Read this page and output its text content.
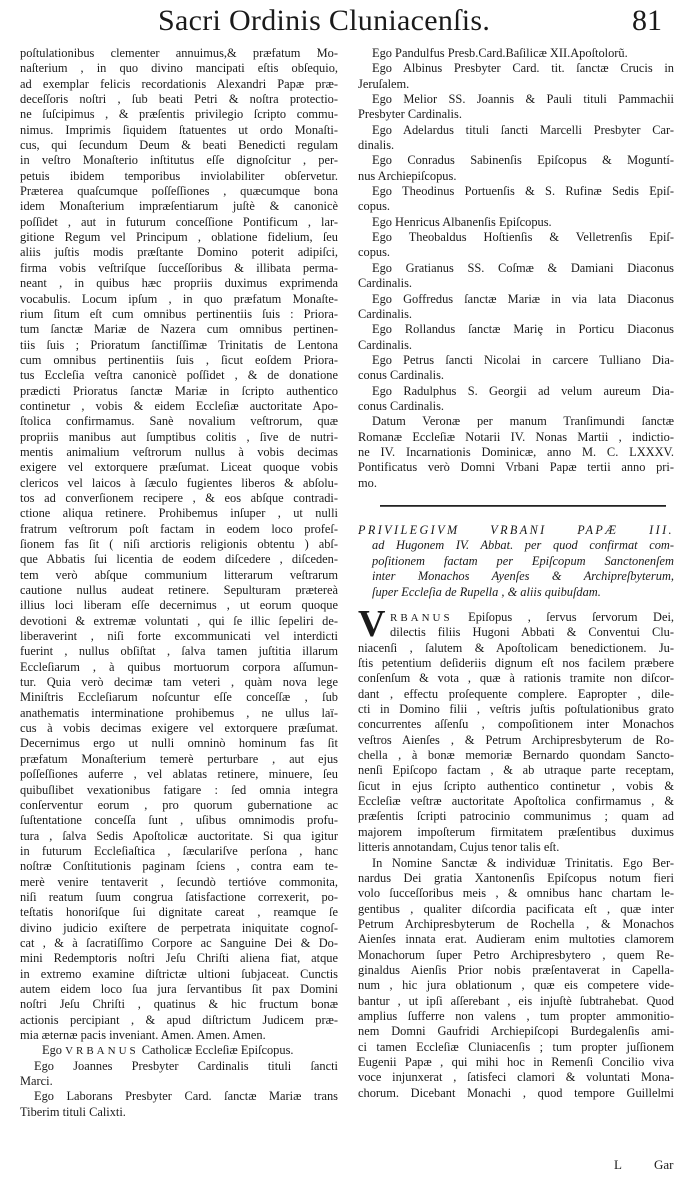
Sacri Ordinis Cluniacenſis.	81
poſtulationibus clementer annuimus,& præfatum Mo-
naſterium , in quo divino mancipati eſtis obſequio,
ad exemplar felicis recordationis Alexandri Papæ præ-
deceſſoris noſtri , ſub beati Petri & noſtra protectio-
ne ſuſcipimus , & præſentis privilegio ſcripto commu-
nimus. Imprimis ſiquidem ſtatuentes ut ordo Monaſti-
cus, qui ſecundum Deum & beati Benedicti regulam
in veſtro Monaſterio inſtitutus eſſe dignoſcitur , per-
petuis ibidem temporibus inviolabiliter obſervetur.
Præterea quaſcumque poſſeſſiones , quæcumque bona
idem Monaſterium impræſentiarum juſtè & canonicè
poſſidet , aut in futurum conceſſione Pontificum , lar-
gitione Regum vel Principum , oblatione fidelium, ſeu
aliis juſtis modis præſtante Domino poterit adipiſci,
firma vobis veſtriſque ſucceſſoribus & illibata perma-
neant , in quibus hæc propriis duximus exprimenda
vocabulis. Locum ipſum , in quo præfatum Monaſte-
rium ſitum eſt cum omnibus pertinentiis ſuis : Priora-
tum ſanctæ Mariæ de Nazera cum omnibus pertinen-
tiis ſuis ; Prioratum ſanctiſſimæ Trinitatis de Lentona
cum omnibus pertinentiis ſuis , ſicut eoſdem Priora-
tus Eccleſia veſtra canonicè poſſidet , & de donatione
prædicti Prioratus ſanctæ Mariæ in ſcripto authentico
continetur , vobis & eidem Eccleſiæ auctoritate Apo-
ſtolica confirmamus. Sanè novalium veſtrorum, quæ
propriis manibus aut ſumptibus colitis , ſive de nutri-
mentis animalium veſtrorum nullus à vobis decimas
exigere vel extorquere præſumat. Liceat quoque vobis
clericos vel laicos à ſæculo fugientes liberos & abſolu-
tos ad converſionem recipere , & eos abſque contradi-
ctione aliqua retinere. Prohibemus inſuper , ut nulli
fratrum veſtrorum poſt factam in eodem loco profeſ-
ſionem fas ſit ( niſi arctioris religionis obtentu ) abſ-
que Abbatis ſui licentia de eodem diſcedere , diſceden-
tem verò abſque communium litterarum veſtrarum
cautione nullus audeat retinere. Sepulturam prætereà
illius loci liberam eſſe decernimus , ut eorum quoque
devotioni & extremæ voluntati , qui ſe illic ſepeliri de-
liberaverint , niſi forte excommunicati vel interdicti
fuerint , nullus obſiſtat , ſalva tamen juſtitia illarum
Eccleſiarum , à quibus mortuorum corpora aſſumun-
tur. Quia verò decimæ tam veteri , quàm nova lege
Miniſtris Eccleſiarum noſcuntur eſſe conceſſæ , ſub
anathematis interminatione prohibemus , ne ullus laï-
cus à vobis decimas exigere vel extorquere præſumat.
Decernimus ergo ut nulli omninò hominum fas ſit
præfatum Monaſterium temerè perturbare , aut ejus
poſſeſſiones auferre , vel ablatas retinere, minuere, ſeu
quibuſlibet vexationibus fatigare : ſed omnia integra
conſerventur eorum , pro quorum gubernatione ac
ſuſtentatione conceſſa ſunt , uſibus omnimodis profu-
tura , ſalva Sedis Apoſtolicæ auctoritate. Si qua igitur
in futurum Eccleſiaſtica , ſæculariſve perſona , hanc
noſtræ Conſtitutionis paginam ſciens , contra eam te-
merè venire tentaverit , ſecundò tertióve commonita,
niſi reatum ſuum congrua ſatisfactione correxerit, po-
teſtatis honoriſque ſui dignitate careat , reamque ſe
divino judicio exiſtere de perpetrata iniquitate cognoſ-
cat , & à ſacratiſſimo Corpore ac Sanguine Dei & Do-
mini Redemptoris noſtri Jeſu Chriſti aliena fiat, atque
in extremo examine diſtrictæ ultioni ſubjaceat. Cunctis
autem eidem loco ſua jura ſervantibus ſit pax Domini
noſtri Jeſu Chriſti , quatinus & hic fructum bonæ
actionis percipiant , & apud diſtrictum Judicem præ-
mia æternæ pacis inveniant. Amen. Amen. Amen.
Ego VRBANUS Catholicæ Eccleſiæ Epiſcopus.
Ego Joannes Presbyter Cardinalis tituli ſancti
Marci.
Ego Laborans Presbyter Card. ſanctæ Mariæ trans
Tiberim tituli Calixti.
Ego Pandulfus Presb.Card.Baſilicæ XII.Apoſtolorũ.
Ego Albinus Presbyter Card. tit. ſanctæ Crucis in
Jeruſalem.
Ego Melior SS. Joannis & Pauli tituli Pammachii
Presbyter Cardinalis.
Ego Adelardus tituli ſancti Marcelli Presbyter Car-
dinalis.
Ego Conradus Sabinenſis Epiſcopus & Moguntí-
nus Archiepiſcopus.
Ego Theodinus Portuenſis & S. Rufinæ Sedis Epiſ-
copus.
Ego Henricus Albanenſis Epiſcopus.
Ego Theobaldus Hoſtienſis & Velletrenſis Epiſ-
copus.
Ego Gratianus SS. Coſmæ & Damiani Diaconus
Cardinalis.
Ego Goffredus ſanctæ Mariæ in via lata Diaconus
Cardinalis.
Ego Rollandus ſanctæ Mariȩ in Porticu Diaconus
Cardinalis.
Ego Petrus ſancti Nicolai in carcere Tulliano Dia-
conus Cardinalis.
Ego Radulphus S. Georgii ad velum aureum Dia-
conus Cardinalis.
Datum Veronæ per manum Tranſimundi ſanctæ
Romanæ Eccleſiæ Notarii IV. Nonas Martii , indictio-
ne IV. Incarnationis Dominicæ, anno M. C. LXXXV.
Pontificatus verò Domni Vrbani Papæ tertii anno pri-
mo.
PRIVILEGIVM VRBANI PAPÆ III.
ad Hugonem IV. Abbat. per quod confirmat com-
poſitionem factam per Epiſcopum Sanctonenſem
inter Monachos Ayenſes & Archipreſbyterum,
ſuper Eccleſia de Rupella , & aliis quibuſdam.
V RBANUS Epiſopus , ſervus ſervorum Dei,
dilectis filiis Hugoni Abbati & Conventui Clu-
niacenſi , ſalutem & Apoſtolicam benedictionem. Ju-
ſtis petentium deſideriis dignum eſt nos facilem præbere
conſenſum & vota , quæ à rationis tramite non diſcor-
dant , effectu proſequente complere. Eapropter , dile-
cti in Domino filii , veſtris juſtis poſtulationibus grato
concurrentes aſſenſu , compoſitionem inter Monachos
veſtros Aienſes , & Petrum Archipresbyterum de Ro-
chella , à bonæ memoriæ Bernardo quondam Sancto-
nenſi Epiſcopo factam , & ab utraque parte receptam,
ſicut in ejus ſcripto authentico continetur , vobis &
Eccleſiæ veſtræ auctoritate Apoſtolica confirmamus , &
præſentis ſcripti patrocinio communimus ; quam ad
majorem impoſterum firmitatem præſentibus duximus
litteris annotandam, Cujus tenor talis eſt.
In Nomine Sanctæ & individuæ Trinitatis. Ego Ber-
nardus Dei gratia Xantonenſis Epiſcopus notum fieri
volo ſucceſſoribus meis , & omnibus hanc chartam le-
gentibus , qualiter diſcordia pacificata eſt , quæ inter
Petrum Archipresbyterum de Rochella , & Monachos
Aienſes innata erat. Audieram enim multoties clamorem
Monachorum ſuper Petro Archipresbytero , quem Re-
ginaldus Aienſis Prior nobis præſentaverat in Capella-
num , hic jura oblationum , quæ eis competere vide-
bantur , ut ipſi aſſerebant , eis injuſtè ſubtrahebat. Quod
amplius ſufferre non valens , tum propter ammonitio-
nem Domni Gaufridi Archiepiſcopi Burdegalenſis ami-
ci tamen Eccleſiæ Cluniacenſis ; tum propter juſſionem
Eugenii Papæ , qui mihi hoc in Remenſi Concilio viva
voce injunxerat , ſatisfeci clamori & voluntati Mona-
chorum. Dicebant Monachi , quod tempore Guillelmi
L Gar
